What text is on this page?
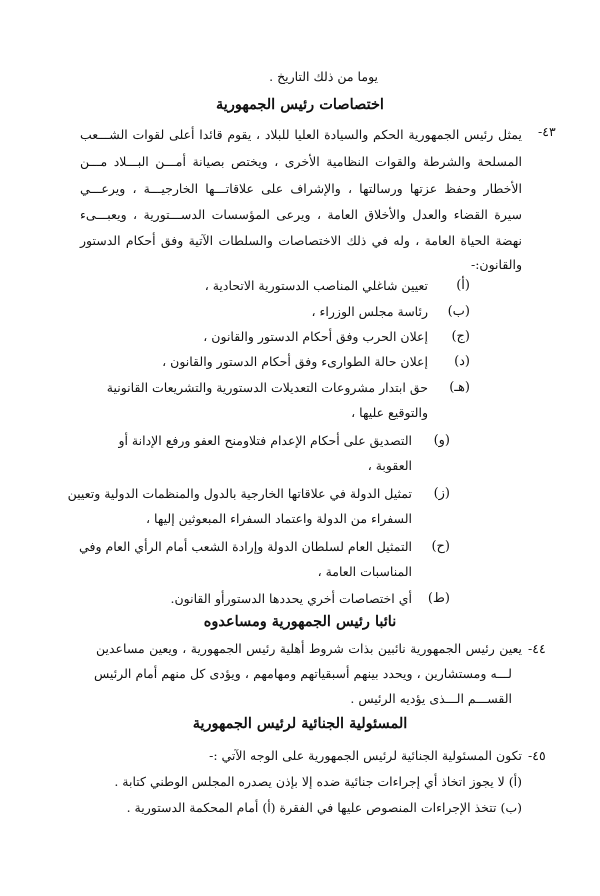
يوما من ذلك التاريخ .
اختصاصات رئيس الجمهورية
-٤٣
يمثل رئيس الجمهورية الحكم والسيادة العليا للبلاد ، يقوم قائدا أعلى لقوات الشـــعب
المسلحة والشرطة والقوات النظامية الأخرى ، ويختص بصيانة أمـــن البـــلاد مـــن
الأخطار وحفظ عزتها ورسالتها ، والإشراف على علاقاتـــها الخارجيـــة ، ويرعـــي
سيرة القضاء والعدل والأخلاق العامة ، ويرعى المؤسسات الدســـتورية ، ويعبـــىء
نهضة الحياة العامة ، وله في ذلك الاختصاصات والسلطات الآتية وفق أحكام الدستور
والقانون:-
(أ)
تعيين شاغلي المناصب الدستورية الاتحادية ،
(ب)
رئاسة مجلس الوزراء ،
(ج)
إعلان الحرب وفق أحكام الدستور والقانون ،
(د)
إعلان حالة الطوارىء وفق أحكام الدستور والقانون ،
(هـ)
حق ابتدار مشروعات التعديلات الدستورية والتشريعات القانونية
والتوقيع عليها ،
(و)
التصديق على أحكام الإعدام فتلاومنح العفو ورفع الإدانة أو
العقوبة ،
(ز)
تمثيل الدولة في علاقاتها الخارجية بالدول والمنظمات الدولية وتعيين
السفراء من الدولة واعتماد السفراء المبعوثين إليها ،
(ح)
التمثيل العام لسلطان الدولة وإرادة الشعب أمام الرأي العام وفي
المناسبات العامة ،
(ط)
أي اختصاصات أخري يحددها الدستورأو القانون.
نائبا رئيس الجمهورية ومساعدوه
-٤٤
يعين رئيس الجمهورية نائبين بذات شروط أهلية رئيس الجمهورية ، ويعين مساعدين
لـــه ومستشارين ، ويحدد بينهم أسبقياتهم ومهامهم ، ويؤدى كل منهم أمام الرئيس
القســـم الـــذى يؤديه الرئيس .
المسئولية الجنائية لرئيس الجمهورية
-٤٥
تكون المسئولية الجنائية لرئيس الجمهورية على الوجه الآتي :-
(أ) لا يجوز اتخاذ أي إجراءات جنائية ضده إلا بإذن يصدره المجلس الوطني كتابة .
(ب) تتخذ الإجراءات المنصوص عليها في الفقرة (أ) أمام المحكمة الدستورية .
